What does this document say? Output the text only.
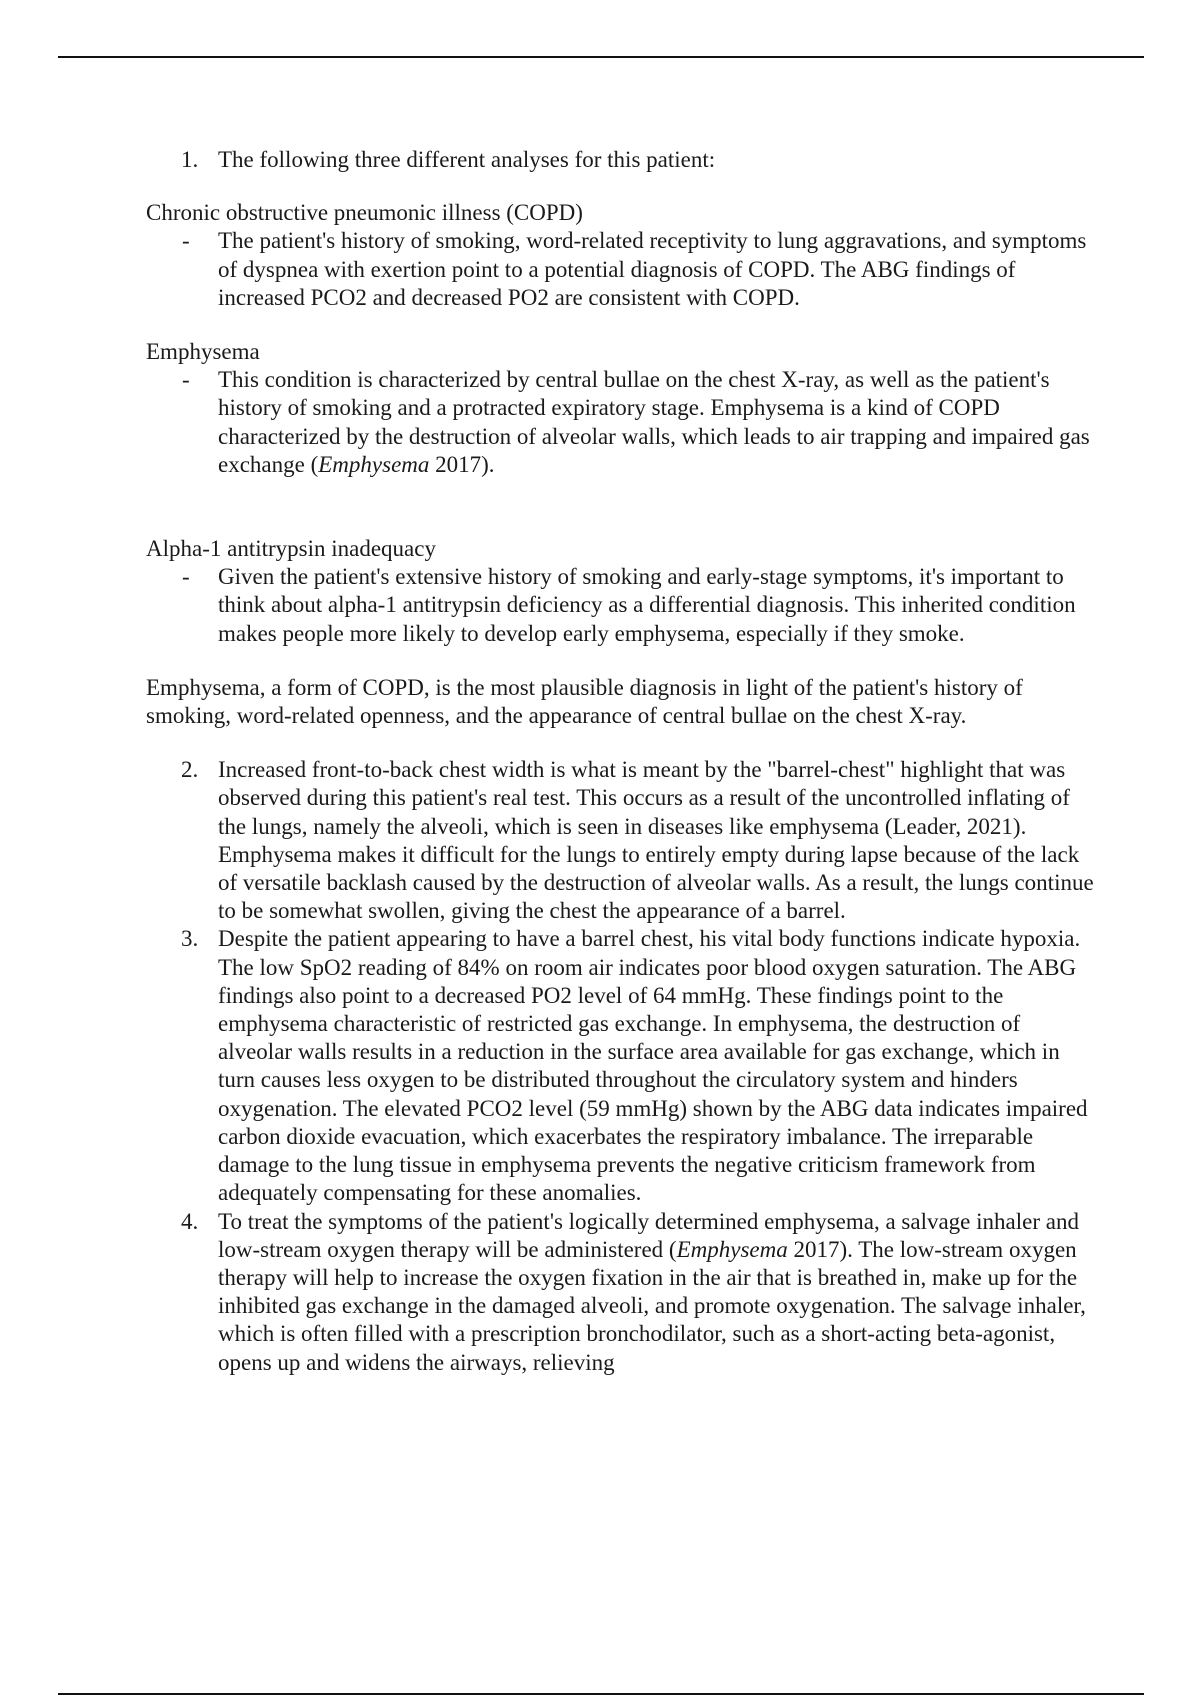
1. The following three different analyses for this patient:
Chronic obstructive pneumonic illness (COPD)
- The patient's history of smoking, word-related receptivity to lung aggravations, and symptoms of dyspnea with exertion point to a potential diagnosis of COPD. The ABG findings of increased PCO2 and decreased PO2 are consistent with COPD.
Emphysema
- This condition is characterized by central bullae on the chest X-ray, as well as the patient's history of smoking and a protracted expiratory stage. Emphysema is a kind of COPD characterized by the destruction of alveolar walls, which leads to air trapping and impaired gas exchange (Emphysema 2017).
Alpha-1 antitrypsin inadequacy
- Given the patient's extensive history of smoking and early-stage symptoms, it's important to think about alpha-1 antitrypsin deficiency as a differential diagnosis. This inherited condition makes people more likely to develop early emphysema, especially if they smoke.
Emphysema, a form of COPD, is the most plausible diagnosis in light of the patient's history of smoking, word-related openness, and the appearance of central bullae on the chest X-ray.
2. Increased front-to-back chest width is what is meant by the "barrel-chest" highlight that was observed during this patient's real test. This occurs as a result of the uncontrolled inflating of the lungs, namely the alveoli, which is seen in diseases like emphysema (Leader, 2021). Emphysema makes it difficult for the lungs to entirely empty during lapse because of the lack of versatile backlash caused by the destruction of alveolar walls. As a result, the lungs continue to be somewhat swollen, giving the chest the appearance of a barrel.
3. Despite the patient appearing to have a barrel chest, his vital body functions indicate hypoxia. The low SpO2 reading of 84% on room air indicates poor blood oxygen saturation. The ABG findings also point to a decreased PO2 level of 64 mmHg. These findings point to the emphysema characteristic of restricted gas exchange. In emphysema, the destruction of alveolar walls results in a reduction in the surface area available for gas exchange, which in turn causes less oxygen to be distributed throughout the circulatory system and hinders oxygenation. The elevated PCO2 level (59 mmHg) shown by the ABG data indicates impaired carbon dioxide evacuation, which exacerbates the respiratory imbalance. The irreparable damage to the lung tissue in emphysema prevents the negative criticism framework from adequately compensating for these anomalies.
4. To treat the symptoms of the patient's logically determined emphysema, a salvage inhaler and low-stream oxygen therapy will be administered (Emphysema 2017). The low-stream oxygen therapy will help to increase the oxygen fixation in the air that is breathed in, make up for the inhibited gas exchange in the damaged alveoli, and promote oxygenation. The salvage inhaler, which is often filled with a prescription bronchodilator, such as a short-acting beta-agonist, opens up and widens the airways, relieving
